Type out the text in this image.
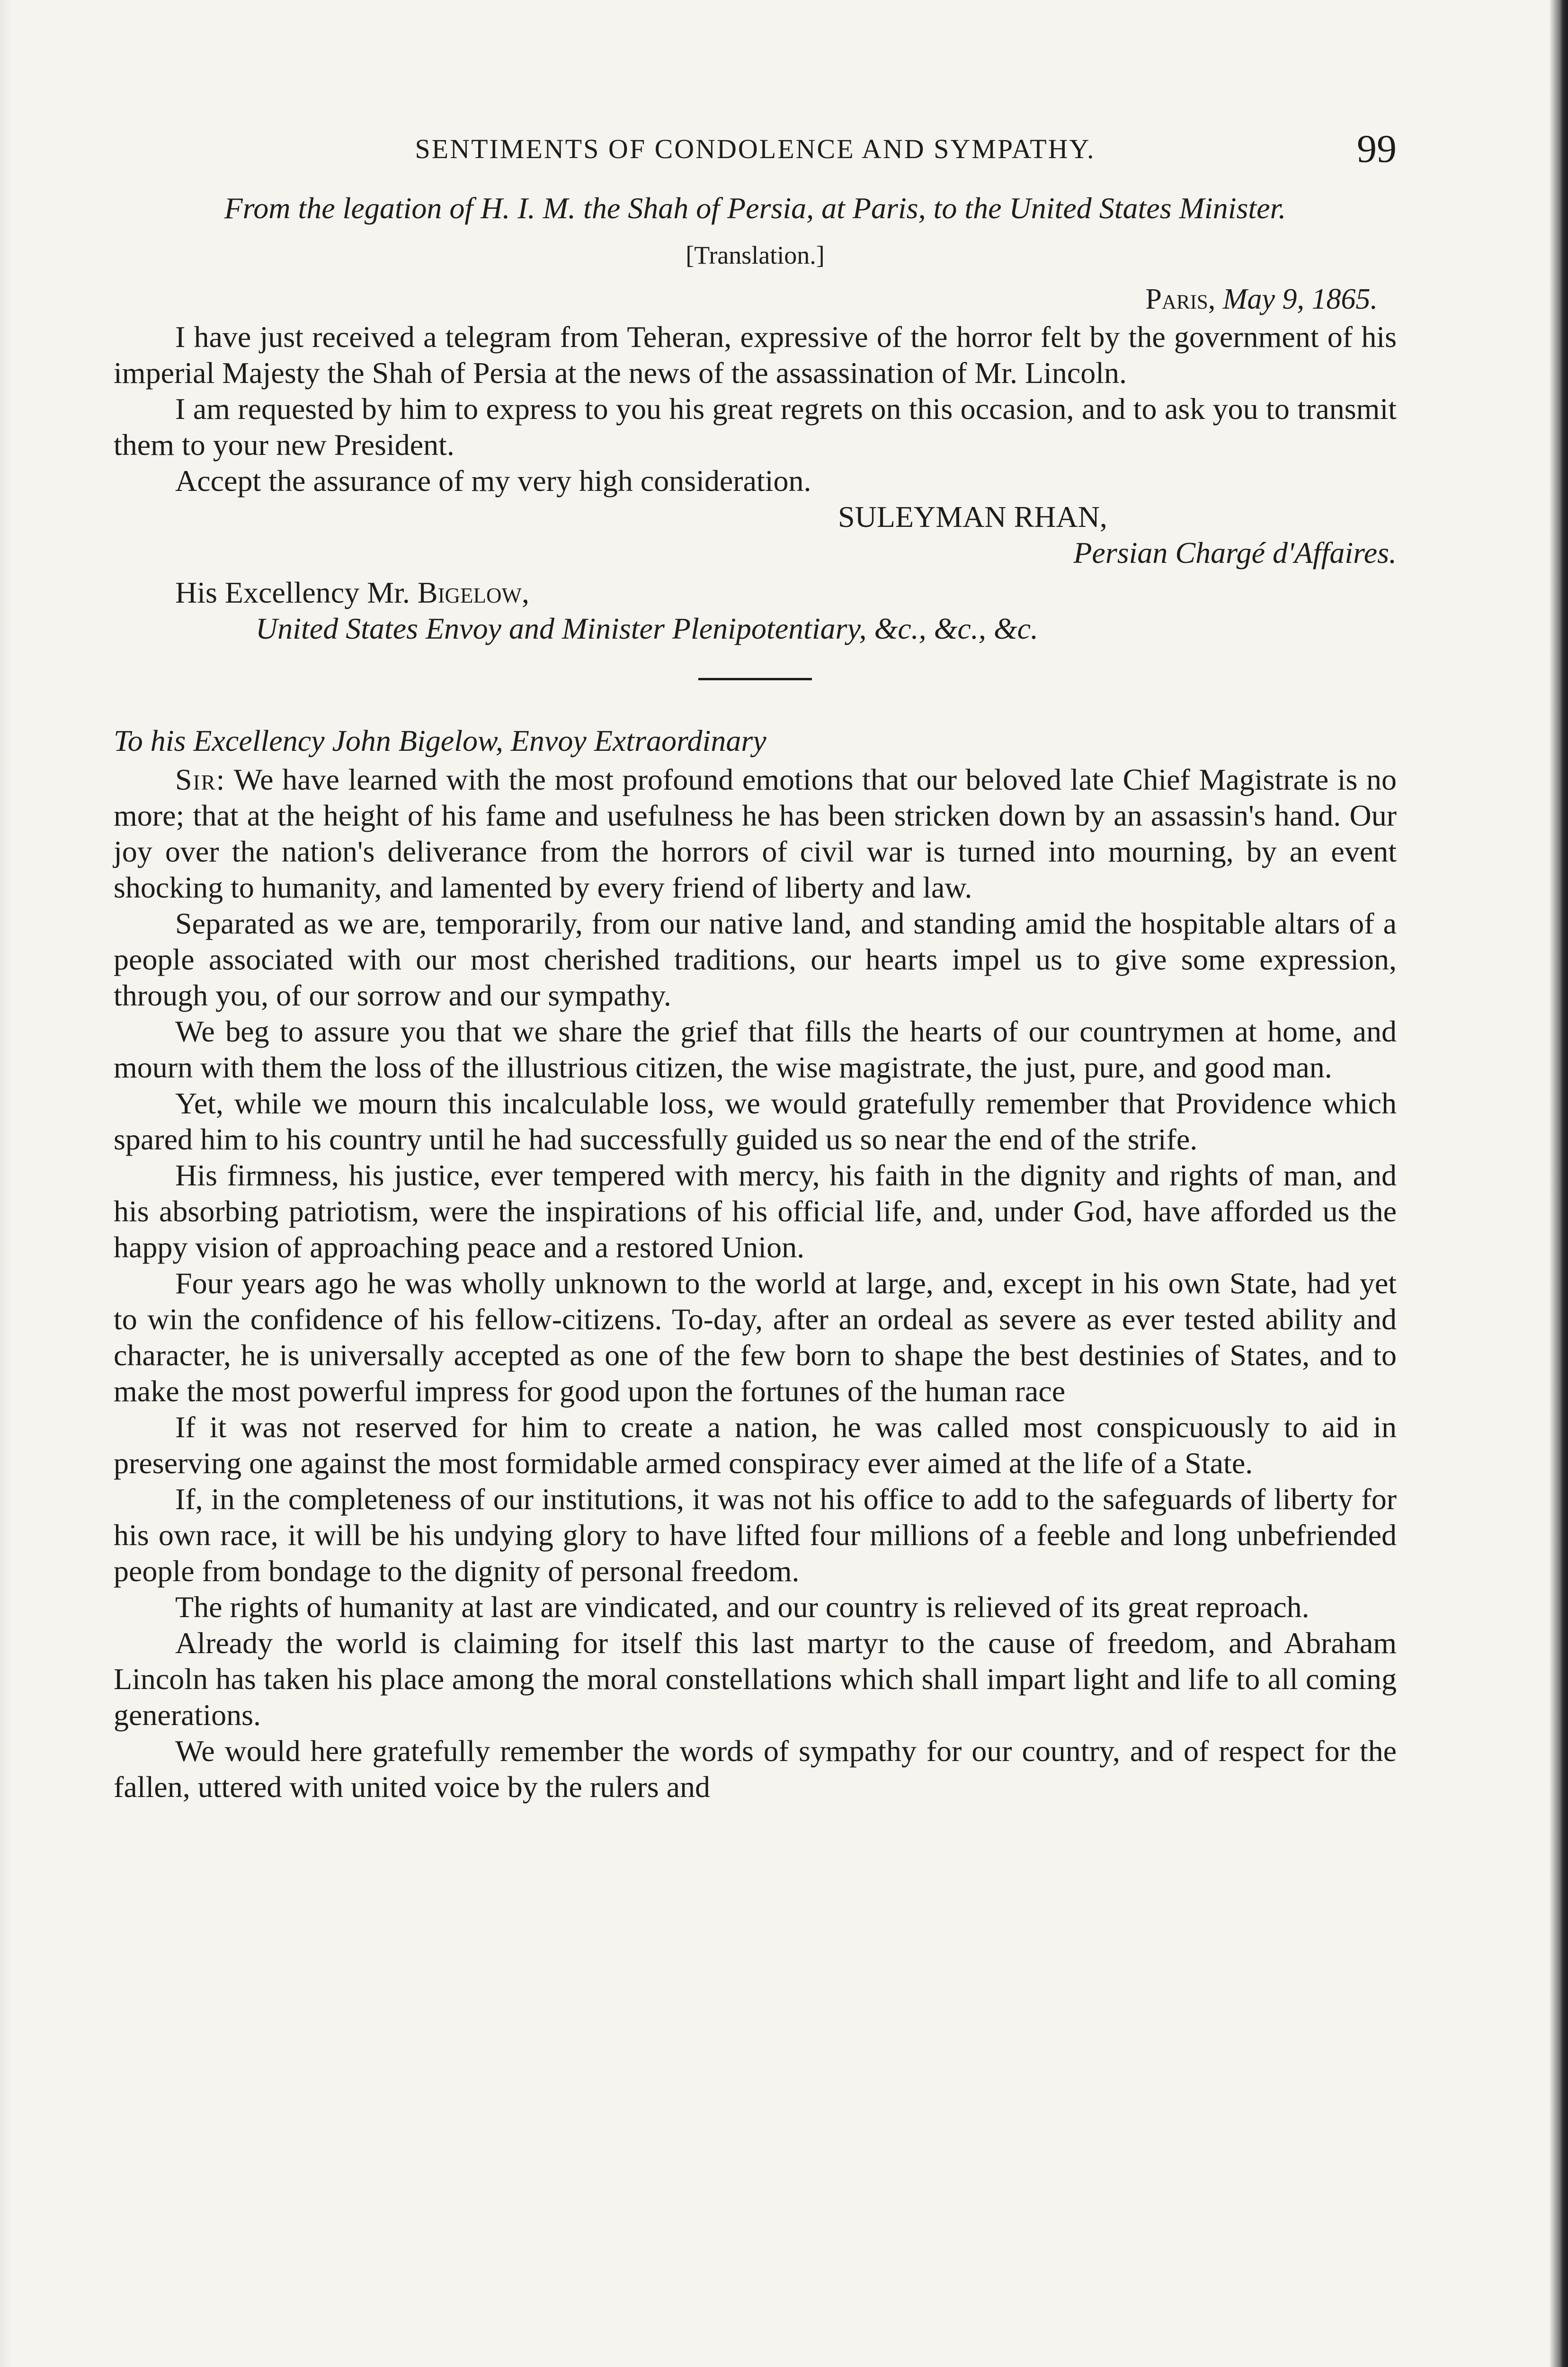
SENTIMENTS OF CONDOLENCE AND SYMPATHY.	99
From the legation of H. I. M. the Shah of Persia, at Paris, to the United States Minister.
[Translation.]
Paris, May 9, 1865.

I have just received a telegram from Teheran, expressive of the horror felt by the government of his imperial Majesty the Shah of Persia at the news of the assassination of Mr. Lincoln.

I am requested by him to express to you his great regrets on this occasion, and to ask you to transmit them to your new President.

Accept the assurance of my very high consideration.

SULEYMAN RHAN,
Persian Chargé d'Affaires.
His Excellency Mr. Bigelow,
United States Envoy and Minister Plenipotentiary, &c., &c., &c.
To his Excellency John Bigelow, Envoy Extraordinary

Sir: We have learned with the most profound emotions that our beloved late Chief Magistrate is no more; that at the height of his fame and usefulness he has been stricken down by an assassin's hand. Our joy over the nation's deliverance from the horrors of civil war is turned into mourning, by an event shocking to humanity, and lamented by every friend of liberty and law.

Separated as we are, temporarily, from our native land, and standing amid the hospitable altars of a people associated with our most cherished traditions, our hearts impel us to give some expression, through you, of our sorrow and our sympathy.

We beg to assure you that we share the grief that fills the hearts of our countrymen at home, and mourn with them the loss of the illustrious citizen, the wise magistrate, the just, pure, and good man.

Yet, while we mourn this incalculable loss, we would gratefully remember that Providence which spared him to his country until he had successfully guided us so near the end of the strife.

His firmness, his justice, ever tempered with mercy, his faith in the dignity and rights of man, and his absorbing patriotism, were the inspirations of his official life, and, under God, have afforded us the happy vision of approaching peace and a restored Union.

Four years ago he was wholly unknown to the world at large, and, except in his own State, had yet to win the confidence of his fellow-citizens. To-day, after an ordeal as severe as ever tested ability and character, he is universally accepted as one of the few born to shape the best destinies of States, and to make the most powerful impress for good upon the fortunes of the human race

If it was not reserved for him to create a nation, he was called most conspicuously to aid in preserving one against the most formidable armed conspiracy ever aimed at the life of a State.

If, in the completeness of our institutions, it was not his office to add to the safeguards of liberty for his own race, it will be his undying glory to have lifted four millions of a feeble and long unbefriended people from bondage to the dignity of personal freedom.

The rights of humanity at last are vindicated, and our country is relieved of its great reproach.

Already the world is claiming for itself this last martyr to the cause of freedom, and Abraham Lincoln has taken his place among the moral constellations which shall impart light and life to all coming generations.

We would here gratefully remember the words of sympathy for our country, and of respect for the fallen, uttered with united voice by the rulers and
